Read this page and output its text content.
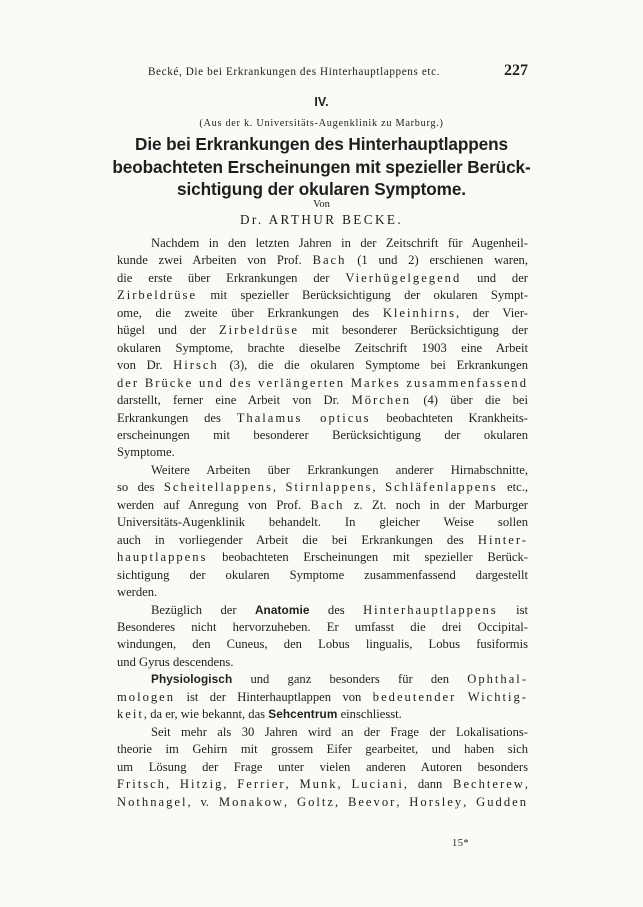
Becké, Die bei Erkrankungen des Hinterhauptlappens etc.	227
IV.
(Aus der k. Universitäts-Augenklinik zu Marburg.)
Die bei Erkrankungen des Hinterhauptlappens
beobachteten Erscheinungen mit spezieller Berück-
sichtigung der okularen Symptome.
Von
Dr. ARTHUR BECKE.

Nachdem in den letzten Jahren in der Zeitschrift für Augenheil-
kunde zwei Arbeiten von Prof. Bach (1 und 2) erschienen waren,
die erste über Erkrankungen der Vierhügelgegend und der
Zirbeldrüse mit spezieller Berücksichtigung der okularen Sympt-
ome, die zweite über Erkrankungen des Kleinhirns, der Vier-
hügel und der Zirbeldrüse mit besonderer Berücksichtigung der
okularen Symptome, brachte dieselbe Zeitschrift 1903 eine Arbeit
von Dr. Hirsch (3), die die okularen Symptome bei Erkrankungen
der Brücke und des verlängerten Markes zusammenfassend
darstellt, ferner eine Arbeit von Dr. Mörchen (4) über die bei
Erkrankungen des Thalamus opticus beobachteten Krankheits-
erscheinungen mit besonderer Berücksichtigung der okularen
Symptome.

Weitere Arbeiten über Erkrankungen anderer Hirnabschnitte,
so des Scheitellappens, Stirnlappens, Schläfenlappens etc.,
werden auf Anregung von Prof. Bach z. Zt. noch in der Marburger
Universitäts-Augenklinik behandelt. In gleicher Weise sollen
auch in vorliegender Arbeit die bei Erkrankungen des Hinter-
hauptlappens beobachteten Erscheinungen mit spezieller Berück-
sichtigung der okularen Symptome zusammenfassend dargestellt
werden.

Bezüglich der Anatomie des Hinterhauptlappens ist
Besonderes nicht hervorzuheben. Er umfasst die drei Occipital-
windungen, den Cuneus, den Lobus lingualis, Lobus fusiformis
und Gyrus descendens.

Physiologisch und ganz besonders für den Ophthal-
mologen ist der Hinterhauptlappen von bedeutender Wichtig-
keit, da er, wie bekannt, das Sehcentrum einschliesst.

Seit mehr als 30 Jahren wird an der Frage der Lokalisations-
theorie im Gehirn mit grossem Eifer gearbeitet, und haben sich
um Lösung der Frage unter vielen anderen Autoren besonders
Fritsch, Hitzig, Ferrier, Munk, Luciani, dann Bechterew,
Nothnagel, v. Monakow, Goltz, Beevor, Horsley, Gudden

15*
